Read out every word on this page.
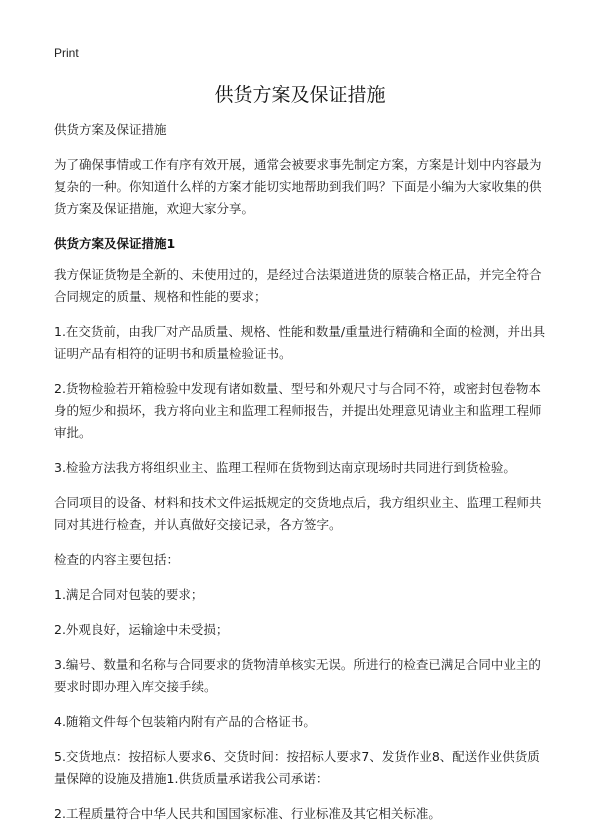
Print
供货方案及保证措施

供货方案及保证措施

为了确保事情或工作有序有效开展，通常会被要求事先制定方案，方案是计划中内容最为复杂的一种。你知道什么样的方案才能切实地帮助到我们吗？下面是小编为大家收集的供货方案及保证措施，欢迎大家分享。

供货方案及保证措施1

我方保证货物是全新的、未使用过的，是经过合法渠道进货的原装合格正品，并完全符合合同规定的质量、规格和性能的要求；

1.在交货前，由我厂对产品质量、规格、性能和数量/重量进行精确和全面的检测，并出具证明产品有相符的证明书和质量检验证书。

2.货物检验若开箱检验中发现有诸如数量、型号和外观尺寸与合同不符，或密封包卷物本身的短少和损坏，我方将向业主和监理工程师报告，并提出处理意见请业主和监理工程师审批。

3.检验方法我方将组织业主、监理工程师在货物到达南京现场时共同进行到货检验。

合同项目的设备、材料和技术文件运抵规定的交货地点后，我方组织业主、监理工程师共同对其进行检查，并认真做好交接记录，各方签字。

检查的内容主要包括：

1.满足合同对包装的要求；

2.外观良好，运输途中未受损；

3.编号、数量和名称与合同要求的货物清单核实无误。所进行的检查已满足合同中业主的要求时即办理入库交接手续。

4.随箱文件每个包装箱内附有产品的合格证书。

5.交货地点：按招标人要求6、交货时间：按招标人要求7、发货作业8、配送作业供货质量保障的设施及措施1.供货质量承诺我公司承诺：

2.工程质量符合中华人民共和国国家标准、行业标准及其它相关标准。
